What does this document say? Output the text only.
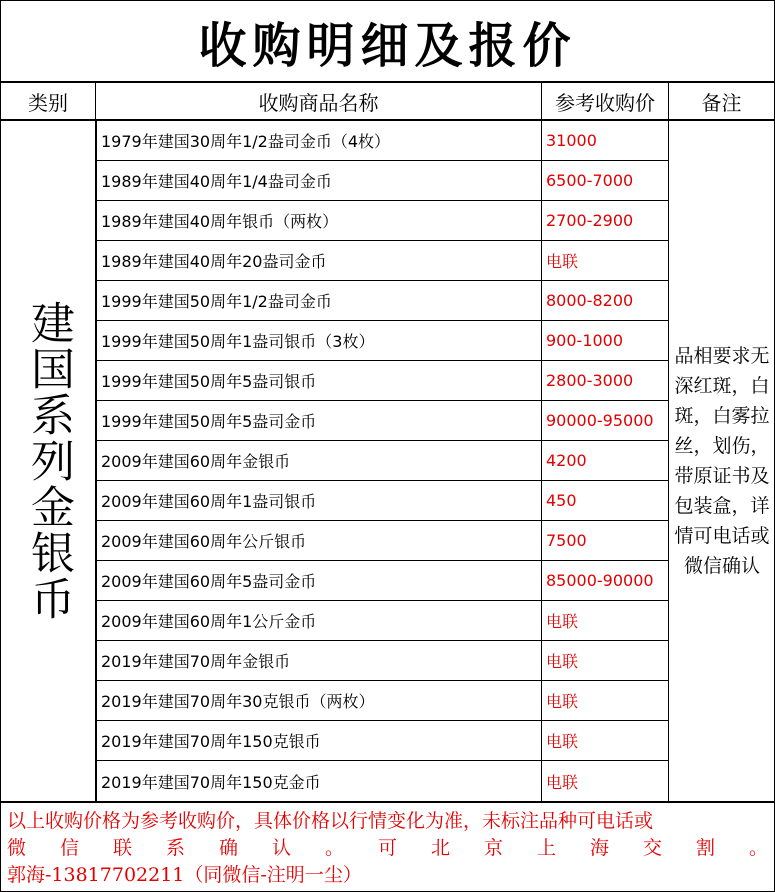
收购明细及报价
类别	收购商品名称	参考收购价	备注
建国系列金银币
1979年建国30周年1/2盎司金币（4枚）	31000
1989年建国40周年1/4盎司金币	6500-7000
1989年建国40周年银币（两枚）	2700-2900
1989年建国40周年20盎司金币	电联
1999年建国50周年1/2盎司金币	8000-8200
1999年建国50周年1盎司银币（3枚）	900-1000
1999年建国50周年5盎司银币	2800-3000
1999年建国50周年5盎司金币	90000-95000
2009年建国60周年金银币	4200
2009年建国60周年1盎司银币	450
2009年建国60周年公斤银币	7500
2009年建国60周年5盎司金币	85000-90000
2009年建国60周年1公斤金币	电联
2019年建国70周年金银币	电联
2019年建国70周年30克银币（两枚）	电联
2019年建国70周年150克银币	电联
2019年建国70周年150克金币	电联
品相要求无深红斑，白斑，白雾拉丝，划伤，带原证书及包装盒，详情可电话或微信确认
以上收购价格为参考收购价，具体价格以行情变化为准，未标注品种可电话或
微信联系确认。可北京上海交割。
郭海-13817702211（同微信-注明一尘）
